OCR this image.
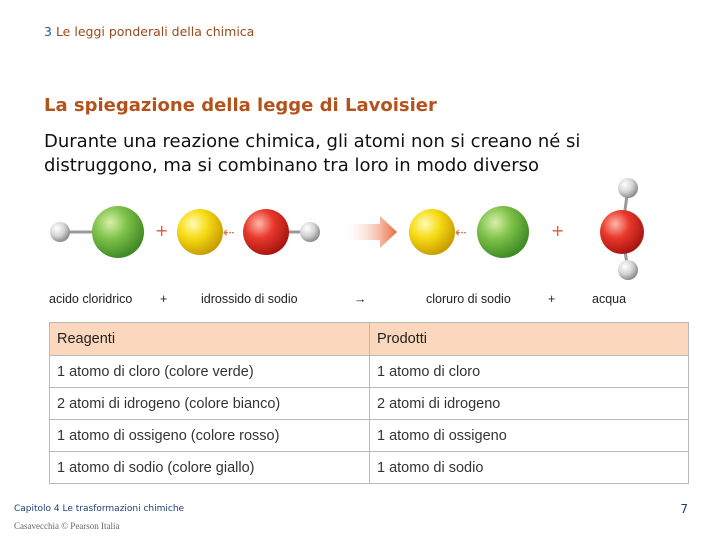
3 Le leggi ponderali della chimica
La spiegazione della legge di Lavoisier
Durante una reazione chimica, gli atomi non si creano né si distruggono, ma si combinano tra loro in modo diverso
+	⇠	⇠	+
acido cloridrico +	idrossido di sodio	→	cloruro di sodio	+	acqua
Reagenti	Prodotti
1 atomo di cloro (colore verde)	1 atomo di cloro
2 atomi di idrogeno (colore bianco)	2 atomi di idrogeno
1 atomo di ossigeno (colore rosso)	1 atomo di ossigeno
1 atomo di sodio (colore giallo)	1 atomo di sodio
Capitolo 4 Le trasformazioni chimiche	7
Casavecchia © Pearson Italia
